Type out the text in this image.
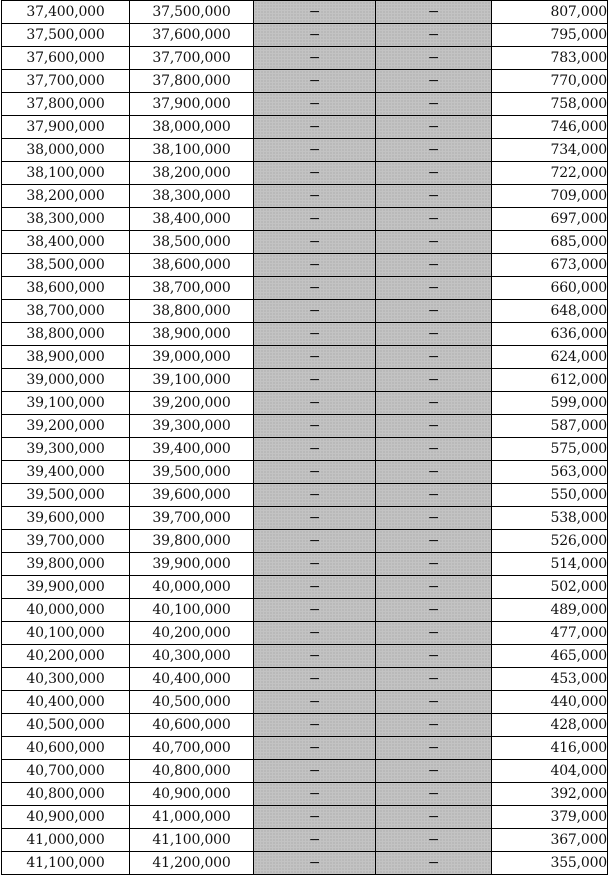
37,400,000	37,500,000	−	−	807,000
37,500,000	37,600,000	−	−	795,000
37,600,000	37,700,000	−	−	783,000
37,700,000	37,800,000	−	−	770,000
37,800,000	37,900,000	−	−	758,000
37,900,000	38,000,000	−	−	746,000
38,000,000	38,100,000	−	−	734,000
38,100,000	38,200,000	−	−	722,000
38,200,000	38,300,000	−	−	709,000
38,300,000	38,400,000	−	−	697,000
38,400,000	38,500,000	−	−	685,000
38,500,000	38,600,000	−	−	673,000
38,600,000	38,700,000	−	−	660,000
38,700,000	38,800,000	−	−	648,000
38,800,000	38,900,000	−	−	636,000
38,900,000	39,000,000	−	−	624,000
39,000,000	39,100,000	−	−	612,000
39,100,000	39,200,000	−	−	599,000
39,200,000	39,300,000	−	−	587,000
39,300,000	39,400,000	−	−	575,000
39,400,000	39,500,000	−	−	563,000
39,500,000	39,600,000	−	−	550,000
39,600,000	39,700,000	−	−	538,000
39,700,000	39,800,000	−	−	526,000
39,800,000	39,900,000	−	−	514,000
39,900,000	40,000,000	−	−	502,000
40,000,000	40,100,000	−	−	489,000
40,100,000	40,200,000	−	−	477,000
40,200,000	40,300,000	−	−	465,000
40,300,000	40,400,000	−	−	453,000
40,400,000	40,500,000	−	−	440,000
40,500,000	40,600,000	−	−	428,000
40,600,000	40,700,000	−	−	416,000
40,700,000	40,800,000	−	−	404,000
40,800,000	40,900,000	−	−	392,000
40,900,000	41,000,000	−	−	379,000
41,000,000	41,100,000	−	−	367,000
41,100,000	41,200,000	−	−	355,000
